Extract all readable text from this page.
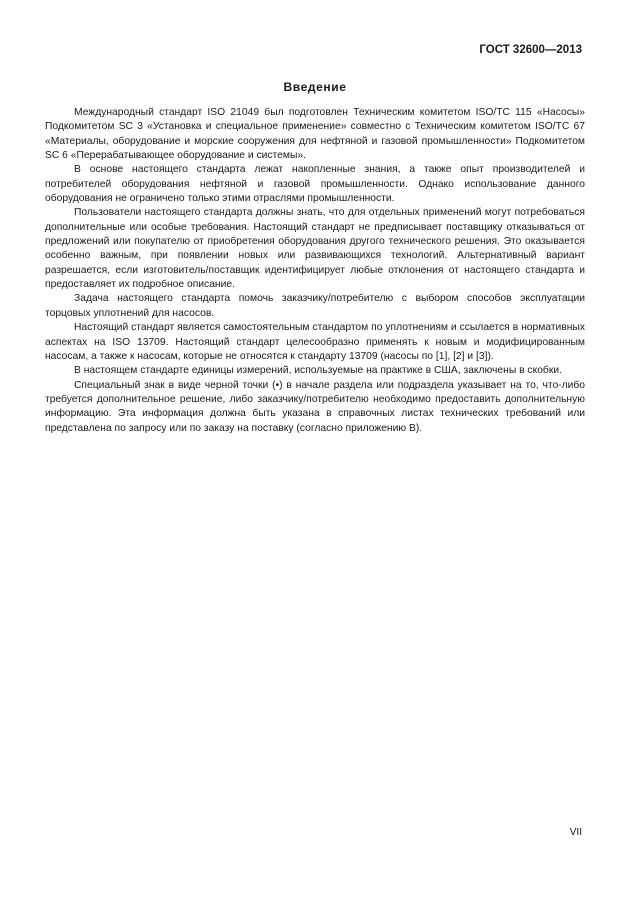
ГОСТ 32600—2013
Введение

Международный стандарт ISO 21049 был подготовлен Техническим комитетом ISO/TC 115 «Насосы» Подкомитетом SC 3 «Установка и специальное применение» совместно с Техническим комитетом ISO/TC 67 «Материалы, оборудование и морские сооружения для нефтяной и газовой промышленности» Подкомитетом SC 6 «Перерабатывающее оборудование и системы».

В основе настоящего стандарта лежат накопленные знания, а также опыт производителей и потребителей оборудования нефтяной и газовой промышленности. Однако использование данного оборудования не ограничено только этими отраслями промышленности.

Пользователи настоящего стандарта должны знать, что для отдельных применений могут потребоваться дополнительные или особые требования. Настоящий стандарт не предписывает поставщику отказываться от предложений или покупателю от приобретения оборудования другого технического решения. Это оказывается особенно важным, при появлении новых или развивающихся технологий. Альтернативный вариант разрешается, если изготовитель/поставщик идентифицирует любые отклонения от настоящего стандарта и предоставляет их подробное описание.

Задача настоящего стандарта помочь заказчику/потребителю с выбором способов эксплуатации торцовых уплотнений для насосов.

Настоящий стандарт является самостоятельным стандартом по уплотнениям и ссылается в нормативных аспектах на ISO 13709. Настоящий стандарт целесообразно применять к новым и модифицированным насосам, а также к насосам, которые не относятся к стандарту 13709 (насосы по [1], [2] и [3]).

В настоящем стандарте единицы измерений, используемые на практике в США, заключены в скобки.

Специальный знак в виде черной точки (•) в начале раздела или подраздела указывает на то, что-либо требуется дополнительное решение, либо заказчику/потребителю необходимо предоставить дополнительную информацию. Эта информация должна быть указана в справочных листах технических требований или представлена по запросу или по заказу на поставку (согласно приложению В).

VII
